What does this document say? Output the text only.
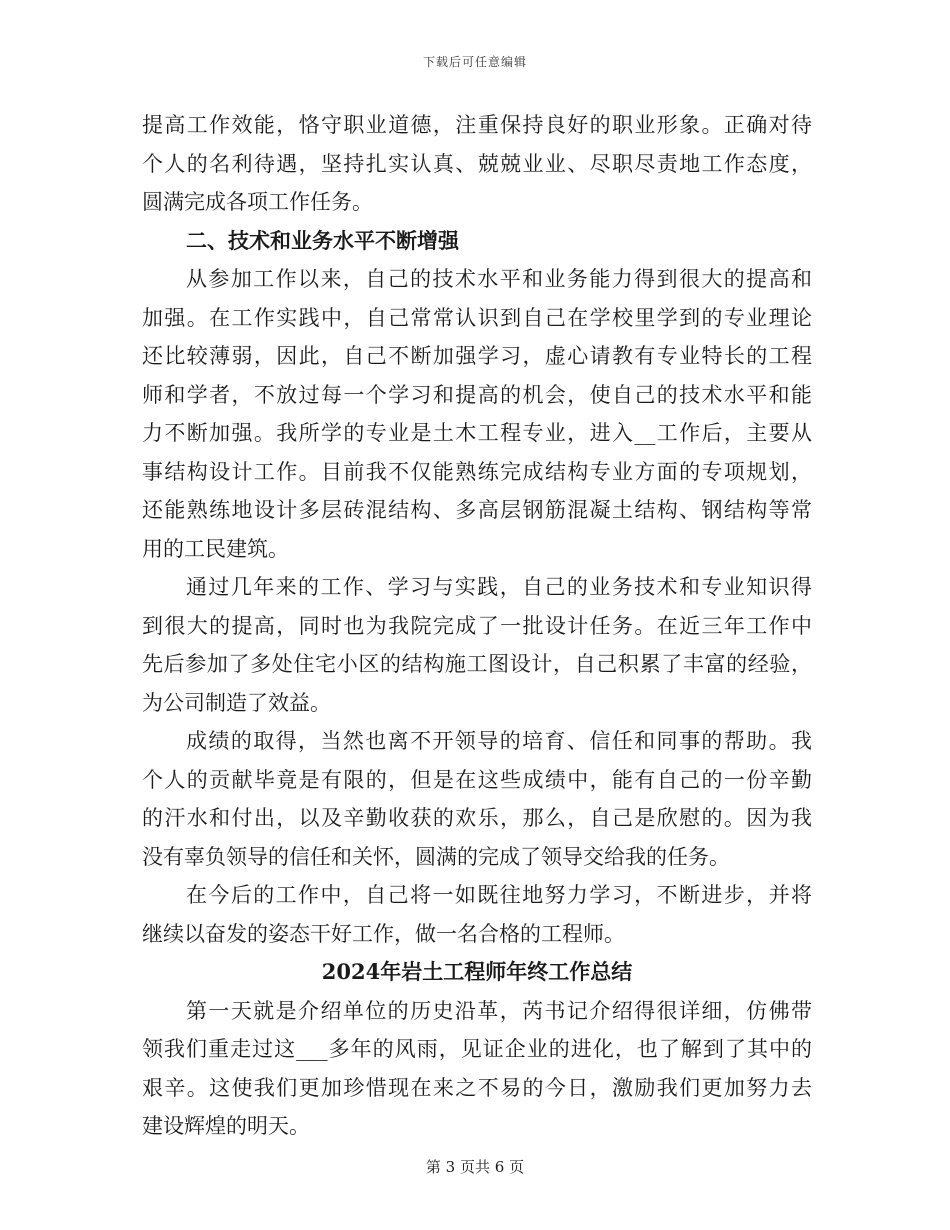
下载后可任意编辑
提高工作效能，恪守职业道德，注重保持良好的职业形象。正确对待
个人的名利待遇，坚持扎实认真、兢兢业业、尽职尽责地工作态度，
圆满完成各项工作任务。
二、技术和业务水平不断增强
从参加工作以来，自己的技术水平和业务能力得到很大的提高和
加强。在工作实践中，自己常常认识到自己在学校里学到的专业理论
还比较薄弱，因此，自己不断加强学习，虚心请教有专业特长的工程
师和学者，不放过每一个学习和提高的机会，使自己的技术水平和能
力不断加强。我所学的专业是土木工程专业，进入__工作后，主要从
事结构设计工作。目前我不仅能熟练完成结构专业方面的专项规划，
还能熟练地设计多层砖混结构、多高层钢筋混凝土结构、钢结构等常
用的工民建筑。
通过几年来的工作、学习与实践，自己的业务技术和专业知识得
到很大的提高，同时也为我院完成了一批设计任务。在近三年工作中
先后参加了多处住宅小区的结构施工图设计，自己积累了丰富的经验，
为公司制造了效益。
成绩的取得，当然也离不开领导的培育、信任和同事的帮助。我
个人的贡献毕竟是有限的，但是在这些成绩中，能有自己的一份辛勤
的汗水和付出，以及辛勤收获的欢乐，那么，自己是欣慰的。因为我
没有辜负领导的信任和关怀，圆满的完成了领导交给我的任务。
在今后的工作中，自己将一如既往地努力学习，不断进步，并将
继续以奋发的姿态干好工作，做一名合格的工程师。
2024年岩土工程师年终工作总结
第一天就是介绍单位的历史沿革，芮书记介绍得很详细，仿佛带
领我们重走过这___多年的风雨，见证企业的进化，也了解到了其中的
艰辛。这使我们更加珍惜现在来之不易的今日，激励我们更加努力去
建设辉煌的明天。
第 3 页共 6 页
